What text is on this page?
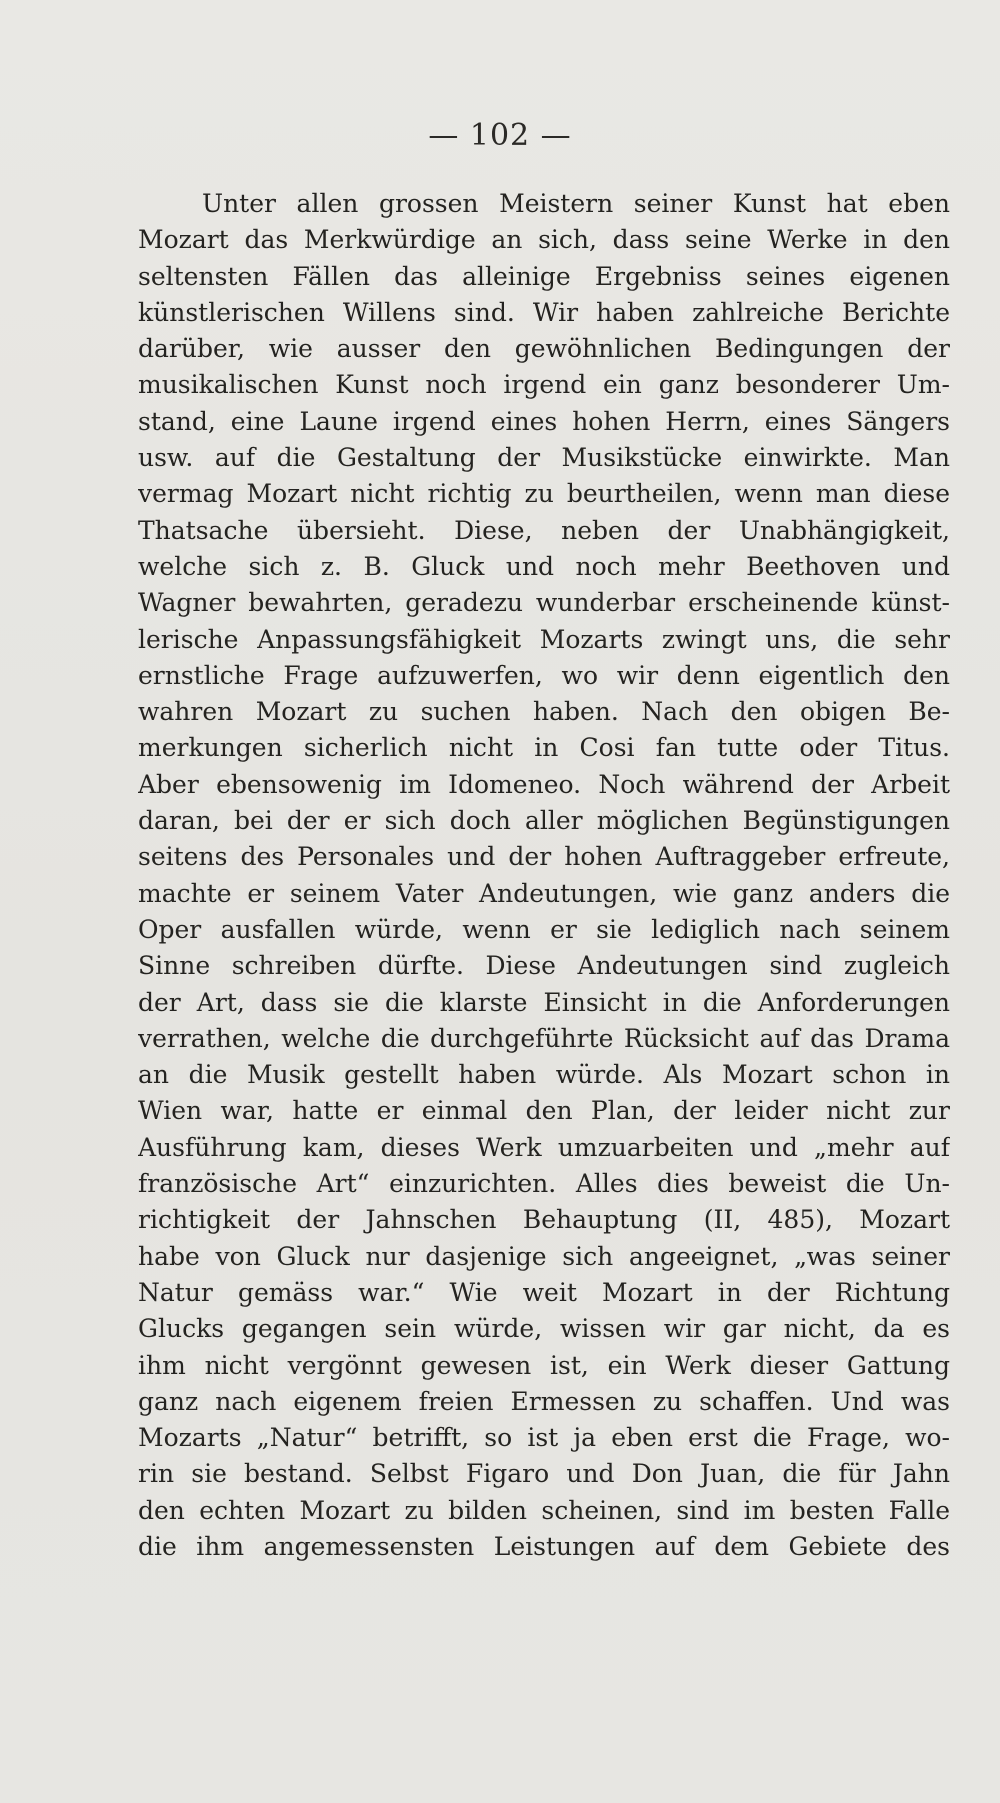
— 102 —
Unter allen grossen Meistern seiner Kunst hat eben
Mozart das Merkwürdige an sich, dass seine Werke in den
seltensten Fällen das alleinige Ergebniss seines eigenen
künstlerischen Willens sind. Wir haben zahlreiche Berichte
darüber, wie ausser den gewöhnlichen Bedingungen der
musikalischen Kunst noch irgend ein ganz besonderer Um-
stand, eine Laune irgend eines hohen Herrn, eines Sängers
usw. auf die Gestaltung der Musikstücke einwirkte. Man
vermag Mozart nicht richtig zu beurtheilen, wenn man diese
Thatsache übersieht. Diese, neben der Unabhängigkeit,
welche sich z. B. Gluck und noch mehr Beethoven und
Wagner bewahrten, geradezu wunderbar erscheinende künst-
lerische Anpassungsfähigkeit Mozarts zwingt uns, die sehr
ernstliche Frage aufzuwerfen, wo wir denn eigentlich den
wahren Mozart zu suchen haben. Nach den obigen Be-
merkungen sicherlich nicht in Cosi fan tutte oder Titus.
Aber ebensowenig im Idomeneo. Noch während der Arbeit
daran, bei der er sich doch aller möglichen Begünstigungen
seitens des Personales und der hohen Auftraggeber erfreute,
machte er seinem Vater Andeutungen, wie ganz anders die
Oper ausfallen würde, wenn er sie lediglich nach seinem
Sinne schreiben dürfte. Diese Andeutungen sind zugleich
der Art, dass sie die klarste Einsicht in die Anforderungen
verrathen, welche die durchgeführte Rücksicht auf das Drama
an die Musik gestellt haben würde. Als Mozart schon in
Wien war, hatte er einmal den Plan, der leider nicht zur
Ausführung kam, dieses Werk umzuarbeiten und „mehr auf
französische Art“ einzurichten. Alles dies beweist die Un-
richtigkeit der Jahnschen Behauptung (II, 485), Mozart
habe von Gluck nur dasjenige sich angeeignet, „was seiner
Natur gemäss war.“ Wie weit Mozart in der Richtung
Glucks gegangen sein würde, wissen wir gar nicht, da es
ihm nicht vergönnt gewesen ist, ein Werk dieser Gattung
ganz nach eigenem freien Ermessen zu schaffen. Und was
Mozarts „Natur“ betrifft, so ist ja eben erst die Frage, wo-
rin sie bestand. Selbst Figaro und Don Juan, die für Jahn
den echten Mozart zu bilden scheinen, sind im besten Falle
die ihm angemessensten Leistungen auf dem Gebiete des
